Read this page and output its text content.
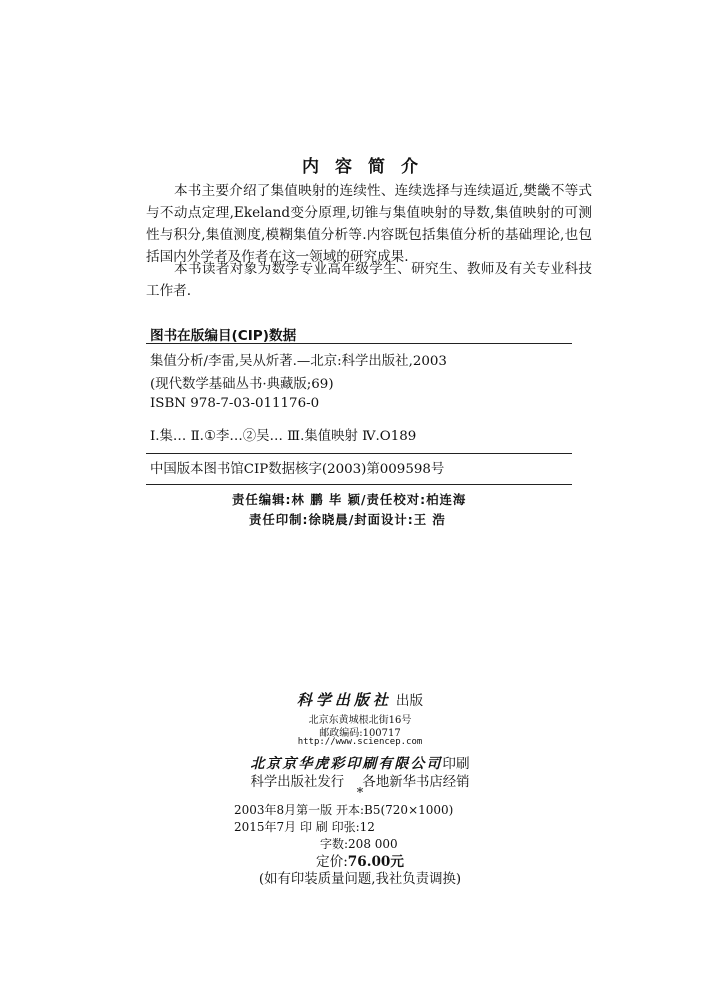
内容简介
本书主要介绍了集值映射的连续性、连续选择与连续逼近,樊畿不等式与不动点定理,Ekeland变分原理,切锥与集值映射的导数,集值映射的可测性与积分,集值测度,模糊集值分析等.内容既包括集值分析的基础理论,也包括国内外学者及作者在这一领域的研究成果.
本书读者对象为数学专业高年级学生、研究生、教师及有关专业科技工作者.
图书在版编目(CIP)数据
集值分析/李雷,吴从炘著.—北京:科学出版社,2003
(现代数学基础丛书·典藏版;69)
ISBN 978-7-03-011176-0
Ⅰ.集… Ⅱ.①李…②吴… Ⅲ.集值映射 Ⅳ.O189
中国版本图书馆CIP数据核字(2003)第009598号
责任编辑:林 鹏 毕 颖/责任校对:柏连海
责任印制:徐晓晨/封面设计:王 浩
科学出版社 出版
北京东黄城根北街16号
邮政编码:100717
http://www.sciencep.com
北京京华虎彩印刷有限公司印刷
科学出版社发行 各地新华书店经销
*
2003年8月第一版 开本:B5(720×1000)
2015年7月 印 刷 印张:12
字数:208 000
定价:76.00元
(如有印装质量问题,我社负责调换)
